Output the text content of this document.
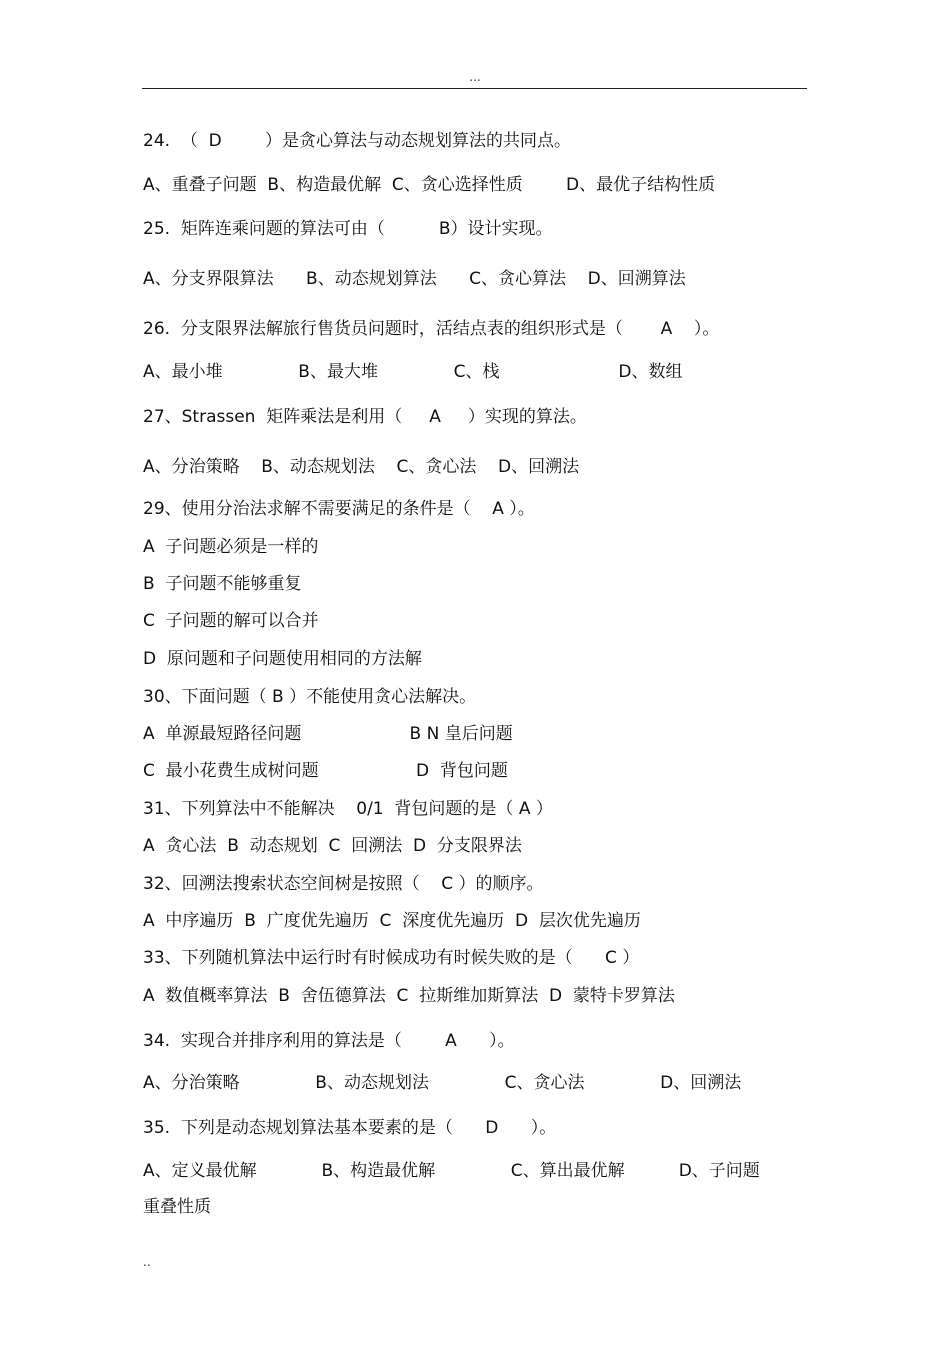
...
24.  （  D        ）是贪心算法与动态规划算法的共同点。
A、重叠子问题  B、构造最优解  C、贪心选择性质        D、最优子结构性质
25.  矩阵连乘问题的算法可由（          B）设计实现。
A、分支界限算法      B、动态规划算法      C、贪心算法    D、回溯算法
26.  分支限界法解旅行售货员问题时，活结点表的组织形式是（       A    ）。
A、最小堆              B、最大堆              C、栈                      D、数组
27、Strassen  矩阵乘法是利用（     A     ）实现的算法。
A、分治策略    B、动态规划法    C、贪心法    D、回溯法
29、使用分治法求解不需要满足的条件是（    A ）。
A  子问题必须是一样的
B  子问题不能够重复
C  子问题的解可以合并
D  原问题和子问题使用相同的方法解
30、下面问题（ B ）不能使用贪心法解决。
A  单源最短路径问题                    B N 皇后问题
C  最小花费生成树问题                  D  背包问题
31、下列算法中不能解决    0/1  背包问题的是（ A ）
A  贪心法  B  动态规划  C  回溯法  D  分支限界法
32、回溯法搜索状态空间树是按照（    C ）的顺序。
A  中序遍历  B  广度优先遍历  C  深度优先遍历  D  层次优先遍历
33、下列随机算法中运行时有时候成功有时候失败的是（      C ）
A  数值概率算法  B  舍伍德算法  C  拉斯维加斯算法  D  蒙特卡罗算法
34.  实现合并排序利用的算法是（        A      ）。
A、分治策略              B、动态规划法              C、贪心法              D、回溯法
35.  下列是动态规划算法基本要素的是（      D      ）。
A、定义最优解            B、构造最优解              C、算出最优解          D、子问题
重叠性质
..
